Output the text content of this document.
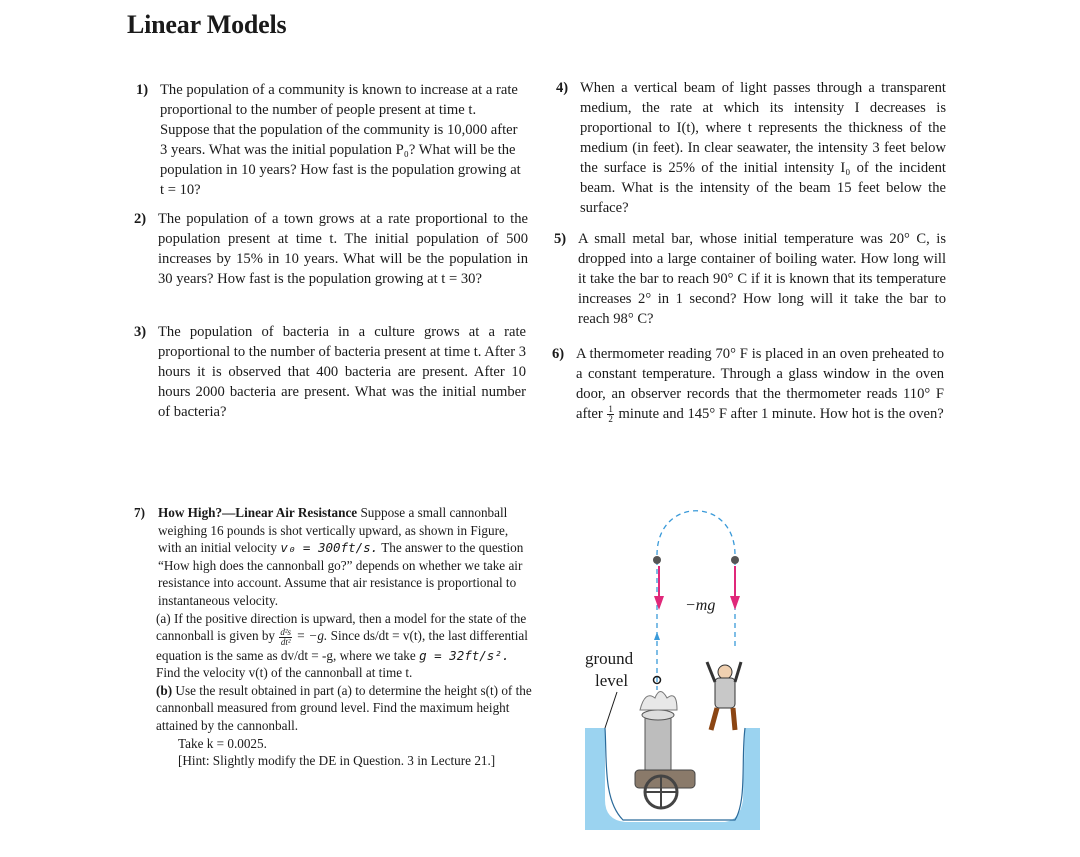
Linear Models
1) The population of a community is known to increase at a rate proportional to the number of people present at time t. Suppose that the population of the community is 10,000 after 3 years. What was the initial population P₀? What will be the population in 10 years? How fast is the population growing at t = 10?
2) The population of a town grows at a rate proportional to the population present at time t. The initial population of 500 increases by 15% in 10 years. What will be the population in 30 years? How fast is the population growing at t = 30?
3) The population of bacteria in a culture grows at a rate proportional to the number of bacteria present at time t. After 3 hours it is observed that 400 bacteria are present. After 10 hours 2000 bacteria are present. What was the initial number of bacteria?
4) When a vertical beam of light passes through a transparent medium, the rate at which its intensity I decreases is proportional to I(t), where t represents the thickness of the medium (in feet). In clear seawater, the intensity 3 feet below the surface is 25% of the initial intensity I₀ of the incident beam. What is the intensity of the beam 15 feet below the surface?
5) A small metal bar, whose initial temperature was 20° C, is dropped into a large container of boiling water. How long will it take the bar to reach 90° C if it is known that its temperature increases 2° in 1 second? How long will it take the bar to reach 98° C?
6) A thermometer reading 70° F is placed in an oven preheated to a constant temperature. Through a glass window in the oven door, an observer records that the thermometer reads 110° F after $\frac{1}{2}$ minute and 145° F after 1 minute. How hot is the oven?
7) How High?—Linear Air Resistance Suppose a small cannonball weighing 16 pounds is shot vertically upward, as shown in Figure, with an initial velocity v₀ = 300ft/s. The answer to the question “How high does the cannonball go?” depends on whether we take air resistance into account. Assume that air resistance is proportional to instantaneous velocity.
(a) If the positive direction is upward, then a model for the state of the cannonball is given by $\frac{\text{d²s}}{\text{dt²}} = -g$. Since ds/dt = v(t), the last differential equation is the same as dv/dt = -g, where we take g = 32ft/s². Find the velocity v(t) of the cannonball at time t.
(b) Use the result obtained in part (a) to determine the height s(t) of the cannonball measured from ground level. Find the maximum height attained by the cannonball.
Take k = 0.0025.
[Hint: Slightly modify the DE in Question. 3 in Lecture 21.]
−mg
ground
level
